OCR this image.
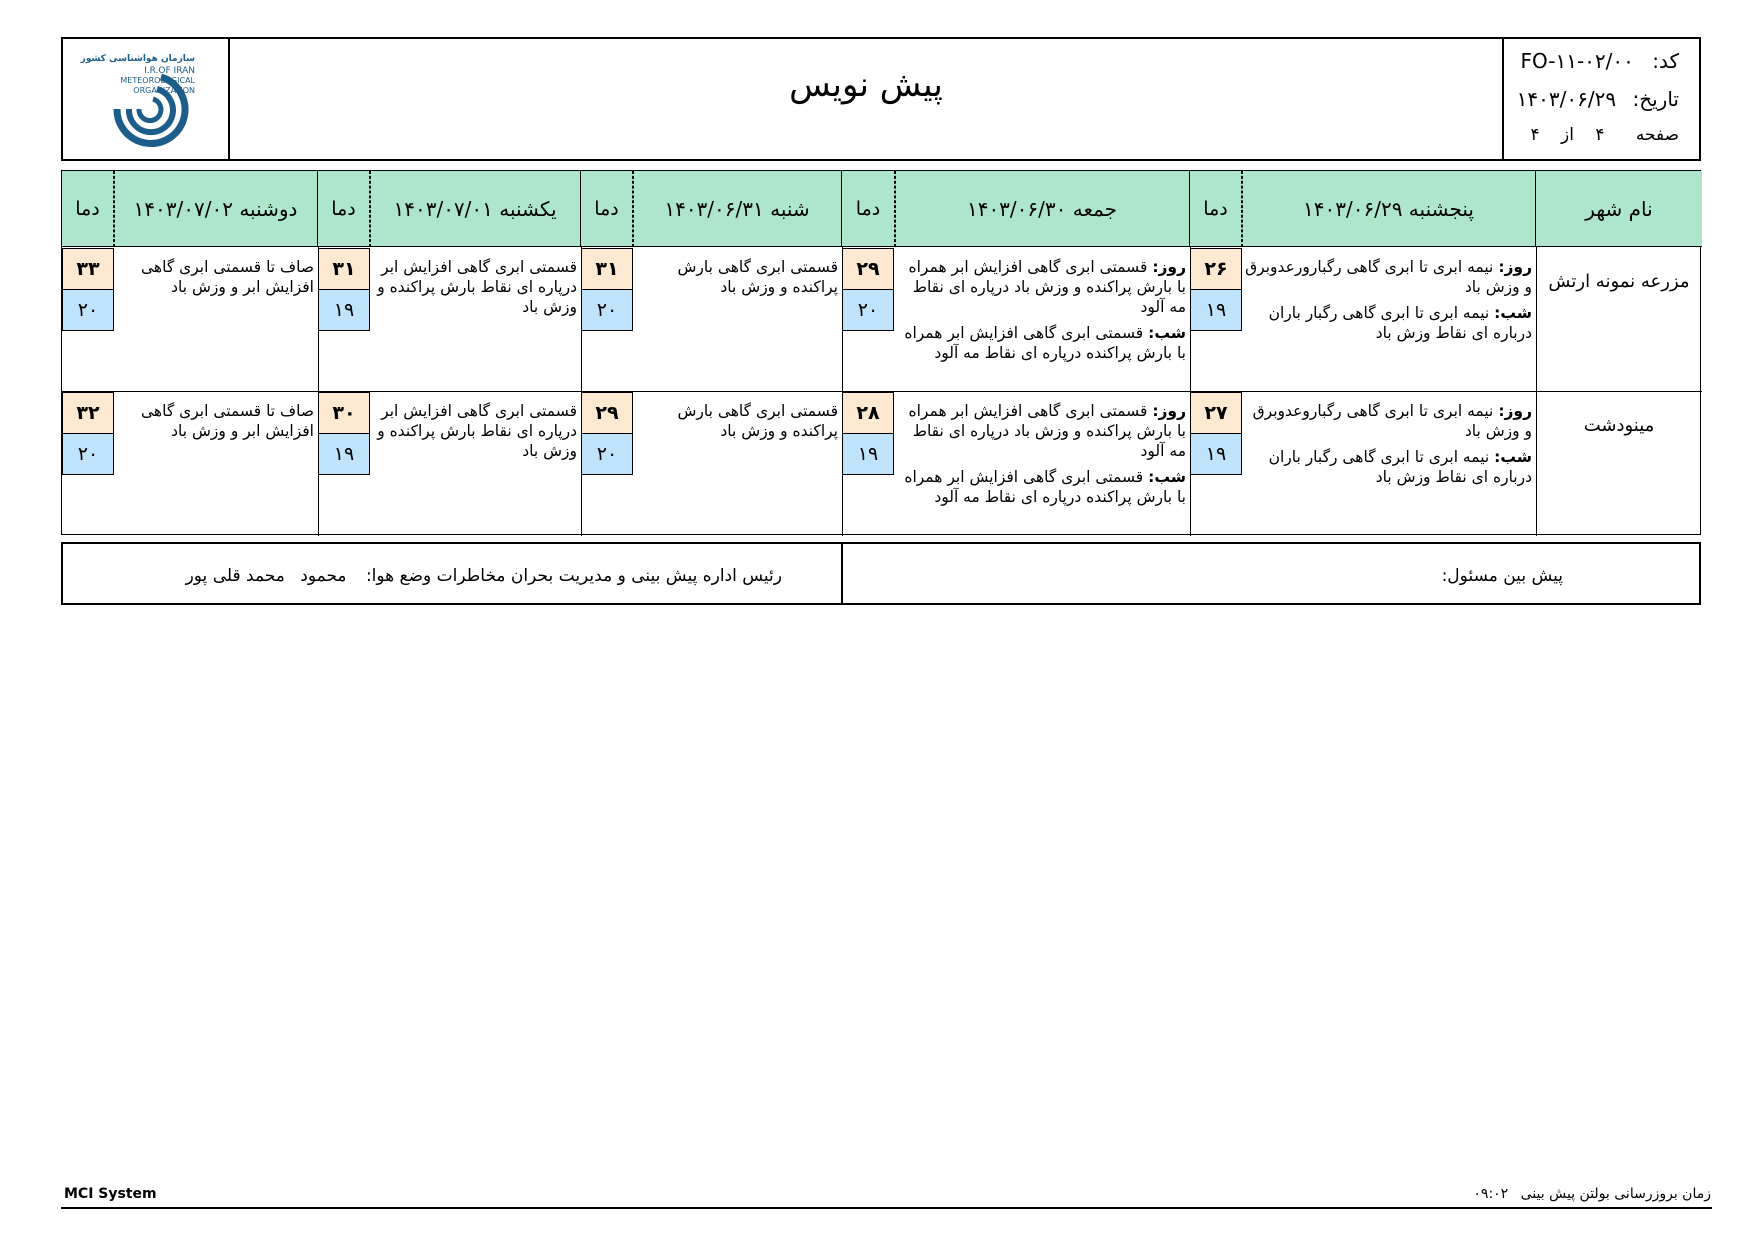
سازمان هواشناسی کشور
I.R.OF IRAN
METEOROLOGICAL
ORGANIZATION	پیش نویس
کد: FO-۱۱-۰۲/۰۰
تاریخ: ۱۴۰۳/۰۶/۲۹
صفحه ۴ از ۴
نام شهر
پنجشنبه ۱۴۰۳/۰۶/۲۹
دما
جمعه ۱۴۰۳/۰۶/۳۰
دما
شنبه ۱۴۰۳/۰۶/۳۱
دما
یکشنبه ۱۴۰۳/۰۷/۰۱
دما
دوشنبه ۱۴۰۳/۰۷/۰۲
دما
مزرعه نمونه ارتش

روز: نیمه ابری تا ابری گاهی رگبارورعدوبرق و وزش باد

شب: نیمه ابری تا ابری گاهی رگبار باران درباره ای نقاط وزش باد

۲۶
۱۹

روز: قسمتی ابری گاهی افزایش ابر همراه با بارش پراکنده و وزش باد درپاره ای نقاط مه آلود

شب: قسمتی ابری گاهی افزایش ابر همراه با بارش پراکنده درپاره ای نقاط مه آلود

۲۹
۲۰

قسمتی ابری گاهی بارش پراکنده و وزش باد

۳۱
۲۰

قسمتی ابری گاهی افزایش ابر درپاره ای نقاط بارش پراکنده و وزش باد

۳۱
۱۹

صاف تا قسمتی ابری گاهی افزایش ابر و وزش باد

۳۳
۲۰
مینودشت

روز: نیمه ابری تا ابری گاهی رگباروعدوبرق و وزش باد

شب: نیمه ابری تا ابری گاهی رگبار باران درباره ای نقاط وزش باد

۲۷
۱۹

روز: قسمتی ابری گاهی افزایش ابر همراه با بارش پراکنده و وزش باد درپاره ای نقاط مه آلود

شب: قسمتی ابری گاهی افزایش ابر همراه با بارش پراکنده درپاره ای نقاط مه آلود

۲۸
۱۹

قسمتی ابری گاهی بارش پراکنده و وزش باد

۲۹
۲۰

قسمتی ابری گاهی افزایش ابر درپاره ای نقاط بارش پراکنده و وزش باد

۳۰
۱۹

صاف تا قسمتی ابری گاهی افزایش ابر و وزش باد

۳۲
۲۰
پیش بین مسئول:
رئیس اداره پیش بینی و مدیریت بحران مخاطرات وضع هوا: محمود محمد قلی پور
MCI System	زمان بروزرسانی بولتن پیش بینی ۰۹:۰۲
